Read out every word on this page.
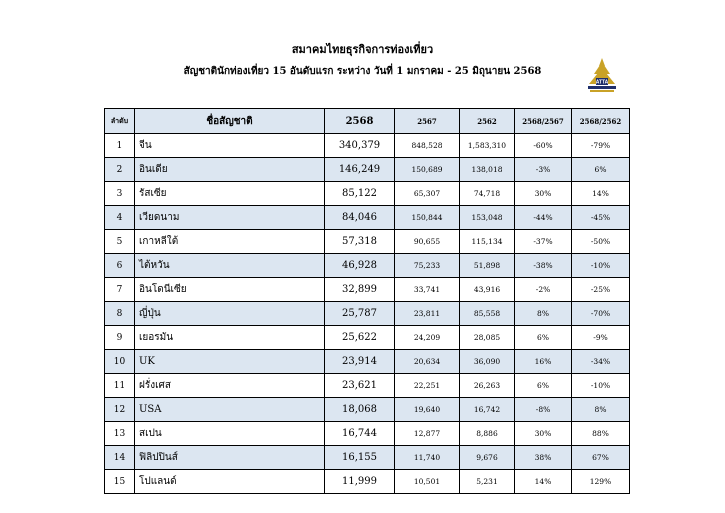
สมาคมไทยธุรกิจการท่องเที่ยว
สัญชาตินักท่องเที่ยว 15 อันดับแรก ระหว่าง วันที่ 1 มกราคม - 25 มิถุนายน 2568
ATTA
ลำดับ	ชื่อสัญชาติ	2568	2567	2562	2568/2567	2568/2562
1	จีน	340,379	848,528	1,583,310	-60%	-79%
2	อินเดีย	146,249	150,689	138,018	-3%	6%
3	รัสเซีย	85,122	65,307	74,718	30%	14%
4	เวียดนาม	84,046	150,844	153,048	-44%	-45%
5	เกาหลีใต้	57,318	90,655	115,134	-37%	-50%
6	ไต้หวัน	46,928	75,233	51,898	-38%	-10%
7	อินโดนีเซีย	32,899	33,741	43,916	-2%	-25%
8	ญี่ปุ่น	25,787	23,811	85,558	8%	-70%
9	เยอรมัน	25,622	24,209	28,085	6%	-9%
10	UK	23,914	20,634	36,090	16%	-34%
11	ฝรั่งเศส	23,621	22,251	26,263	6%	-10%
12	USA	18,068	19,640	16,742	-8%	8%
13	สเปน	16,744	12,877	8,886	30%	88%
14	ฟิลิปปินส์	16,155	11,740	9,676	38%	67%
15	โปแลนด์	11,999	10,501	5,231	14%	129%
